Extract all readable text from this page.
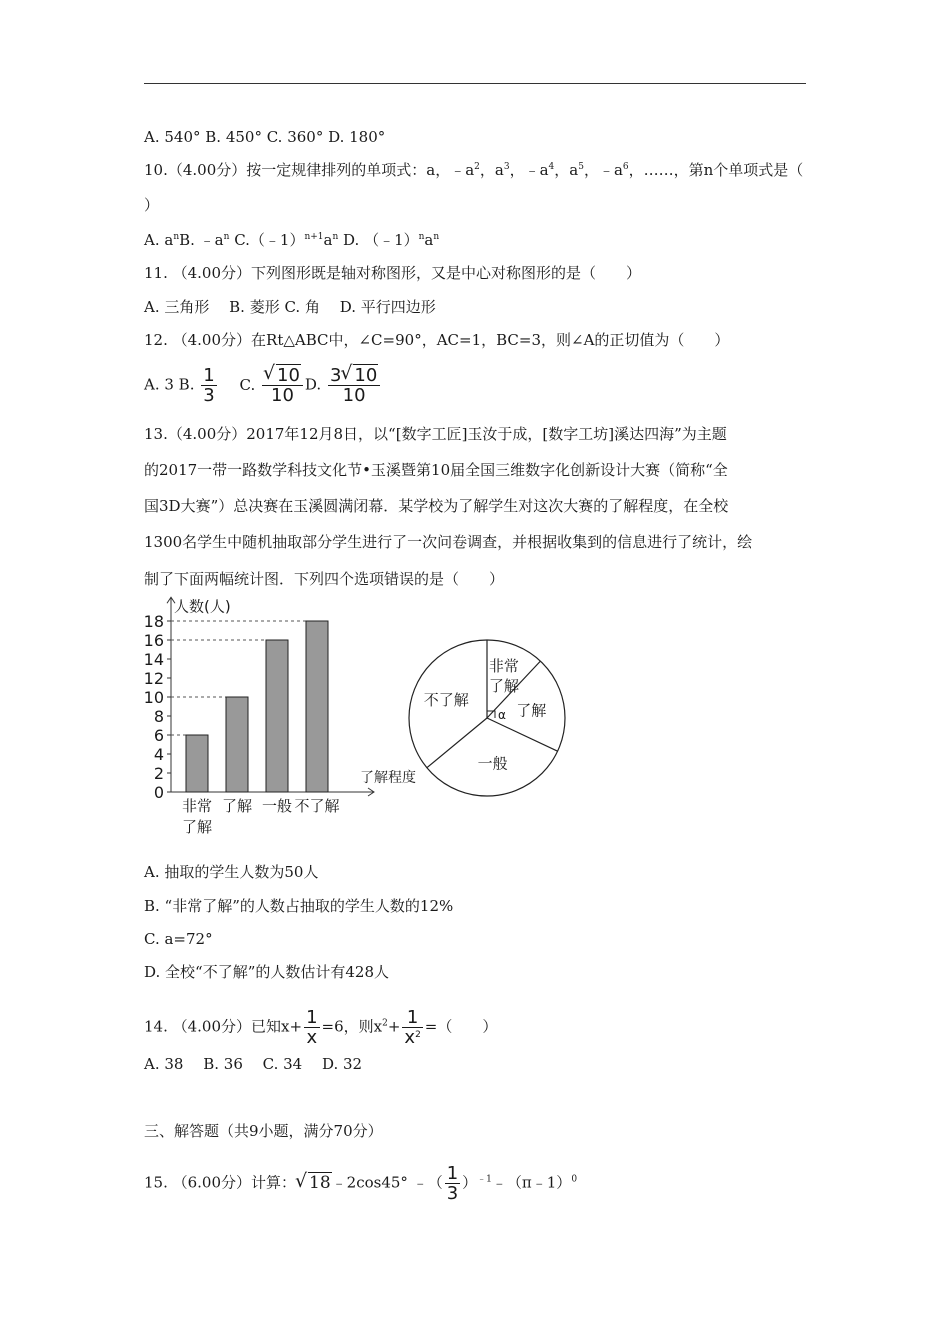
A. 540° B. 450° C. 360° D. 180°
10.（4.00分）按一定规律排列的单项式：a，$﹣a^2$，$a^3$，$﹣a^4$，$a^5$，$﹣a^6$，……，第n个单项式是（
）
A. $a^nB$. $﹣a^n$ $C.(﹣1)^{n+1}a^n$ D. $(﹣1)^na^n$
11. （4.00分）下列图形既是轴对称图形，又是中心对称图形的是（　　）
A. 三角形　 B. 菱形 C. 角　 D. 平行四边形
12. （4.00分）在Rt△ABC中，∠C=90°，AC=1，BC=3，则∠A的正切值为（　　）
A. 3 B. $\frac{1}{3} C$. √ $\frac{10}{10} D$. $\frac{3 √ 10}{10}$
13.（4.00分）2017年12月8日，以“[数字工匠]玉汝于成，[数字工坊]溪达四海”为主题
的2017一带一路数学科技文化节•玉溪暨第10届全国三维数字化创新设计大赛（简称“全
国3D大赛”）总决赛在玉溪圆满闭幕．某学校为了解学生对这次大赛的了解程度，在全校
1300名学生中随机抽取部分学生进行了一次问卷调查，并根据收集到的信息进行了统计，绘
制了下面两幅统计图．下列四个选项错误的是（　　）
人数(人)
了解程度
0
2
4
6
8
10
12
14
16
18
非常
了解
了解 一般 不了解
非常
了解
了解
一般
不了解
α
A. 抽取的学生人数为50人
B. “非常了解”的人数占抽取的学生人数的12%
C. a=72°
D. 全校“不了解”的人数估计有428人
14. （4.00分）已知$x+ \frac{1}{x} =6$，则$x^2+ \frac{1}{x^2}$ =（　　）
A. 38　 B. 36　 C. 34　 D. 32
三、解答题（共9小题，满分70分）
15. （6.00分）计算： √ 18﹣2cos45° ﹣（ $\frac{1}{3}$ ）$^{﹣1}$﹣（π﹣1）$^0$
